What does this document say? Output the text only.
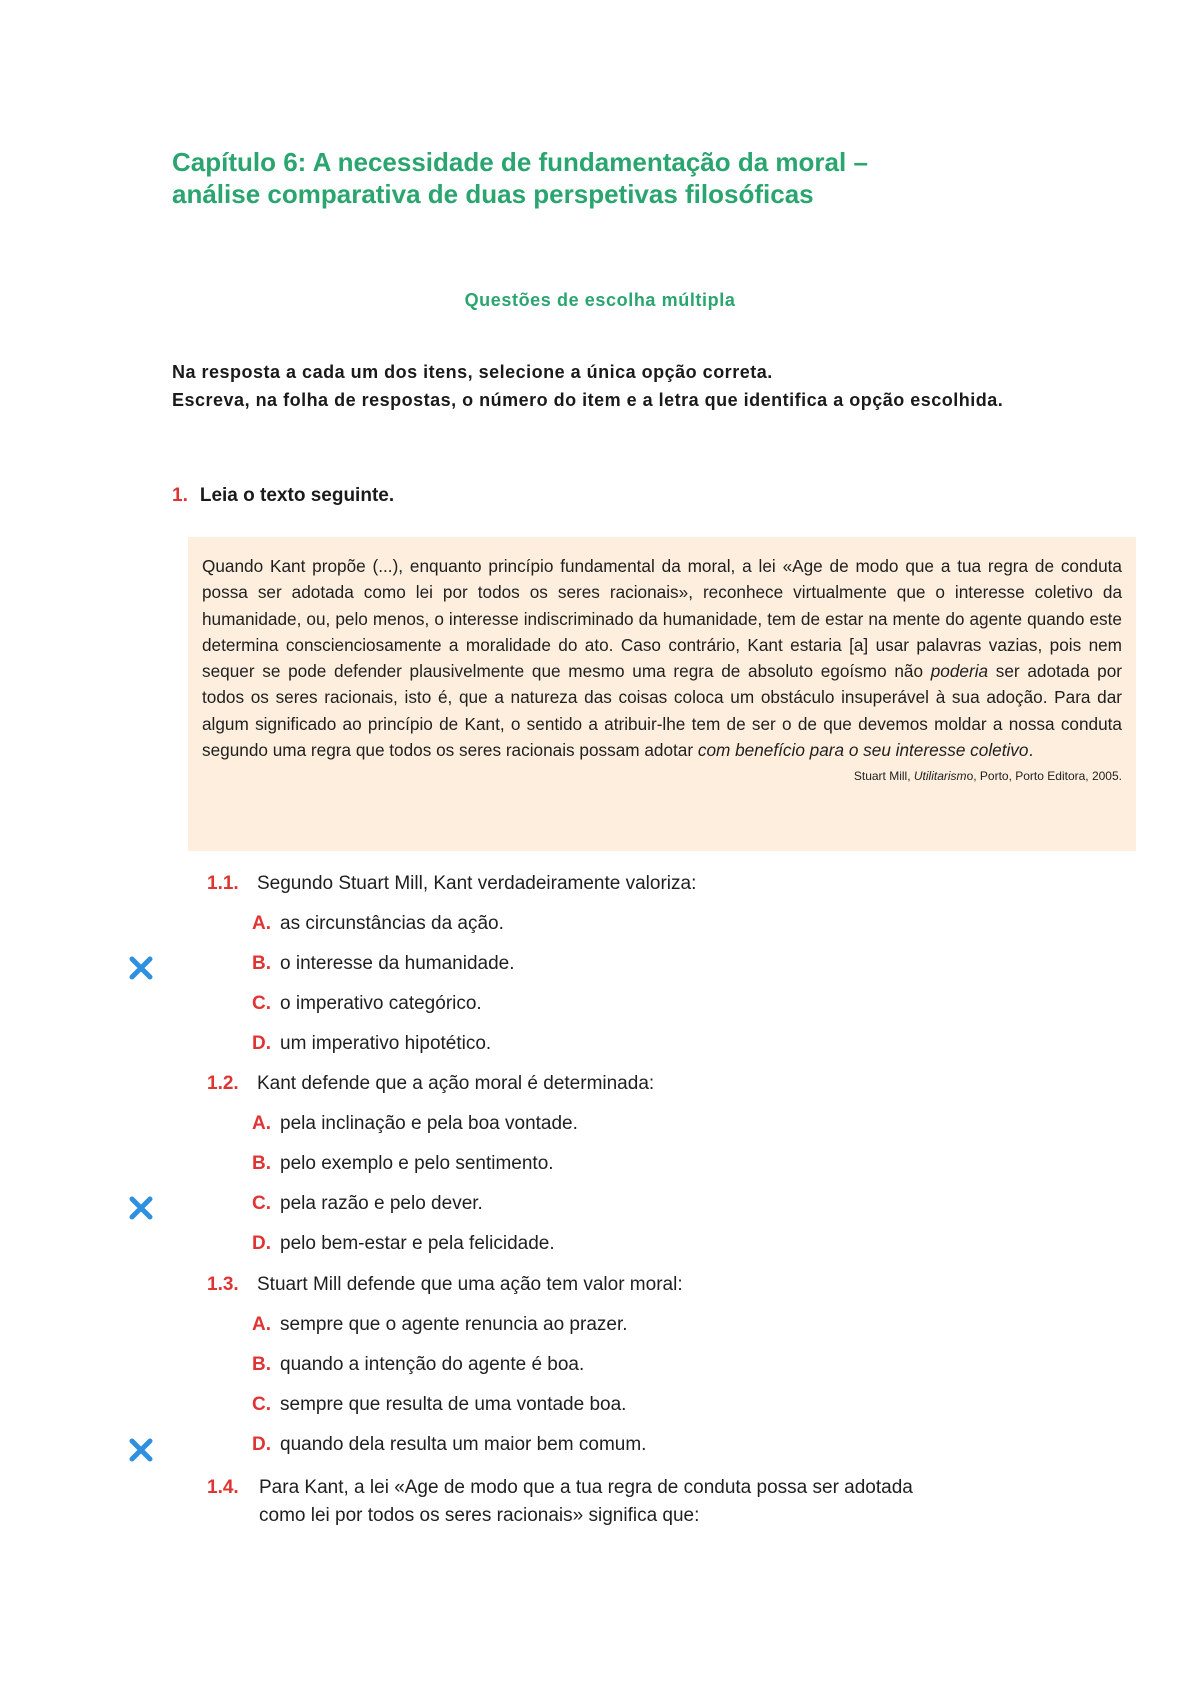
Capítulo 6: A necessidade de fundamentação da moral –
análise comparativa de duas perspetivas filosóficas
Questões de escolha múltipla

Na resposta a cada um dos itens, selecione a única opção correta.

Escreva, na folha de respostas, o número do item e a letra que identifica a opção escolhida.

1. Leia o texto seguinte.

Quando Kant propõe (...), enquanto princípio fundamental da moral, a lei «Age de modo que a tua regra de conduta possa ser adotada como lei por todos os seres racionais», reconhece virtualmente que o interesse coletivo da humanidade, ou, pelo menos, o interesse indiscriminado da humanidade, tem de estar na mente do agente quando este determina conscienciosamente a moralidade do ato. Caso contrário, Kant estaria [a] usar palavras vazias, pois nem sequer se pode defender plausivelmente que mesmo uma regra de absoluto egoísmo não poderia ser adotada por todos os seres racionais, isto é, que a natureza das coisas coloca um obstáculo insuperável à sua adoção. Para dar algum significado ao princípio de Kant, o sentido a atribuir-lhe tem de ser o de que devemos moldar a nossa conduta segundo uma regra que todos os seres racionais possam adotar com benefício para o seu interesse coletivo.

Stuart Mill, Utilitarismo, Porto, Porto Editora, 2005.
1.1. Segundo Stuart Mill, Kant verdadeiramente valoriza:
A. as circunstâncias da ação.
B. o interesse da humanidade.
C. o imperativo categórico.
D. um imperativo hipotético.
1.2. Kant defende que a ação moral é determinada:
A. pela inclinação e pela boa vontade.
B. pelo exemplo e pelo sentimento.
C. pela razão e pelo dever.
D. pelo bem-estar e pela felicidade.
1.3. Stuart Mill defende que uma ação tem valor moral:
A. sempre que o agente renuncia ao prazer.
B. quando a intenção do agente é boa.
C. sempre que resulta de uma vontade boa.
D. quando dela resulta um maior bem comum.
1.4. Para Kant, a lei «Age de modo que a tua regra de conduta possa ser adotada
como lei por todos os seres racionais» significa que:
